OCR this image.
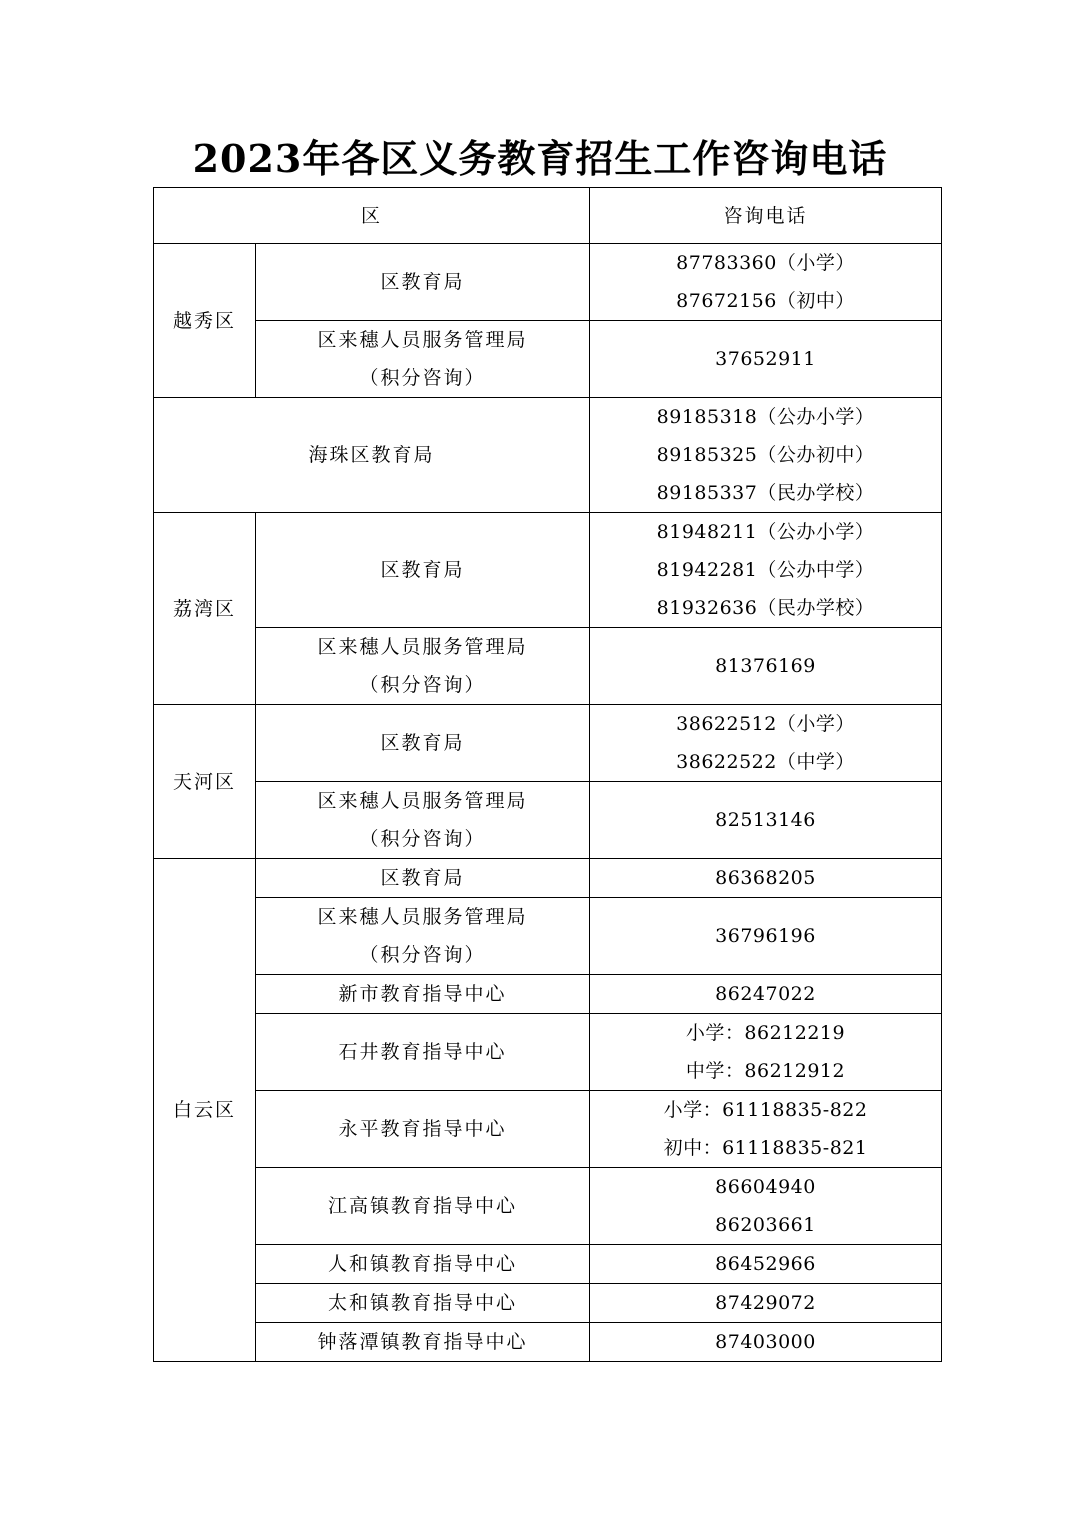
2023年各区义务教育招生工作咨询电话
区		咨询电话
越秀区	区教育局	87783360（小学）
87672156（初中）

	区来穗人员服务管理局
（积分咨询）	37652911
海珠区教育局		89185318（公办小学）
89185325（公办初中）
89185337（民办学校）

荔湾区	区教育局	81948211（公办小学）
81942281（公办中学）
81932636（民办学校）

	区来穗人员服务管理局
（积分咨询）	81376169
天河区	区教育局	38622512（小学）
38622522（中学）

	区来穗人员服务管理局
（积分咨询）	82513146
白云区	区教育局	86368205

	区来穗人员服务管理局
（积分咨询）	36796196
	新市教育指导中心	86247022
	石井教育指导中心	小学：86212219
中学：86212912

	永平教育指导中心	小学：61118835-822
初中：61118835-821

	江高镇教育指导中心	86604940
86203661

	人和镇教育指导中心	86452966
	太和镇教育指导中心	87429072
	钟落潭镇教育指导中心	87403000
